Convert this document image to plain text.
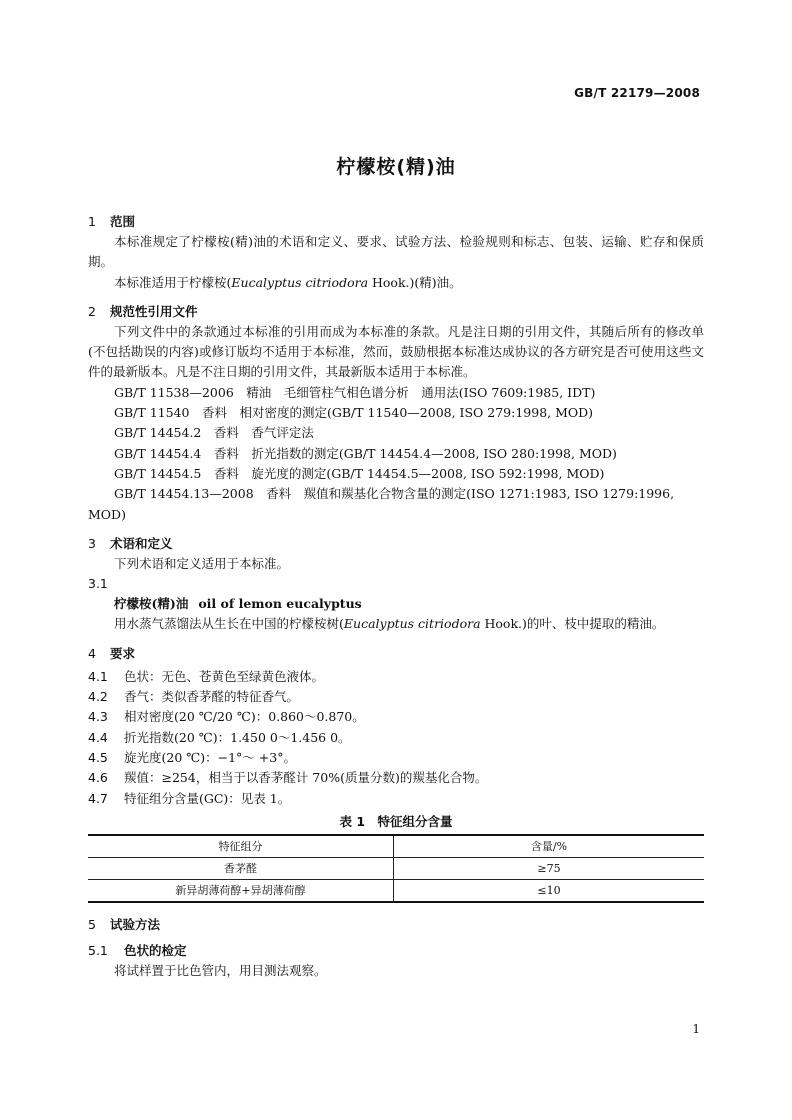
GB/T 22179—2008
柠檬桉(精)油
1 范围
本标准规定了柠檬桉(精)油的术语和定义、要求、试验方法、检验规则和标志、包装、运输、贮存和保质期。
本标准适用于柠檬桉(Eucalyptus citriodora Hook.)(精)油。
2 规范性引用文件
下列文件中的条款通过本标准的引用而成为本标准的条款。凡是注日期的引用文件，其随后所有的修改单(不包括勘误的内容)或修订版均不适用于本标准，然而，鼓励根据本标准达成协议的各方研究是否可使用这些文件的最新版本。凡是不注日期的引用文件，其最新版本适用于本标准。
GB/T 11538—2006　精油　毛细管柱气相色谱分析　通用法(ISO 7609:1985, IDT)
GB/T 11540　香料　相对密度的测定(GB/T 11540—2008, ISO 279:1998, MOD)
GB/T 14454.2　香料　香气评定法
GB/T 14454.4　香料　折光指数的测定(GB/T 14454.4—2008, ISO 280:1998, MOD)
GB/T 14454.5　香料　旋光度的测定(GB/T 14454.5—2008, ISO 592:1998, MOD)
GB/T 14454.13—2008　香料　羰值和羰基化合物含量的测定(ISO 1271:1983, ISO 1279:1996, MOD)
3 术语和定义
下列术语和定义适用于本标准。
3.1
柠檬桉(精)油 oil of lemon eucalyptus
用水蒸气蒸馏法从生长在中国的柠檬桉树(Eucalyptus citriodora Hook.)的叶、枝中提取的精油。
4 要求
4.1 色状：无色、苍黄色至绿黄色液体。
4.2 香气：类似香茅醛的特征香气。
4.3 相对密度(20 ℃/20 ℃)：0.860～0.870。
4.4 折光指数(20 ℃)：1.450 0～1.456 0。
4.5 旋光度(20 ℃)：−1°～ +3°。
4.6 羰值：≥254，相当于以香茅醛计 70%(质量分数)的羰基化合物。
4.7 特征组分含量(GC)：见表 1。
表 1　特征组分含量
特征组分	含量/%
香茅醛	≥75
新异胡薄荷醇+异胡薄荷醇	≤10
5 试验方法
5.1 色状的检定
将试样置于比色管内，用目测法观察。
1
